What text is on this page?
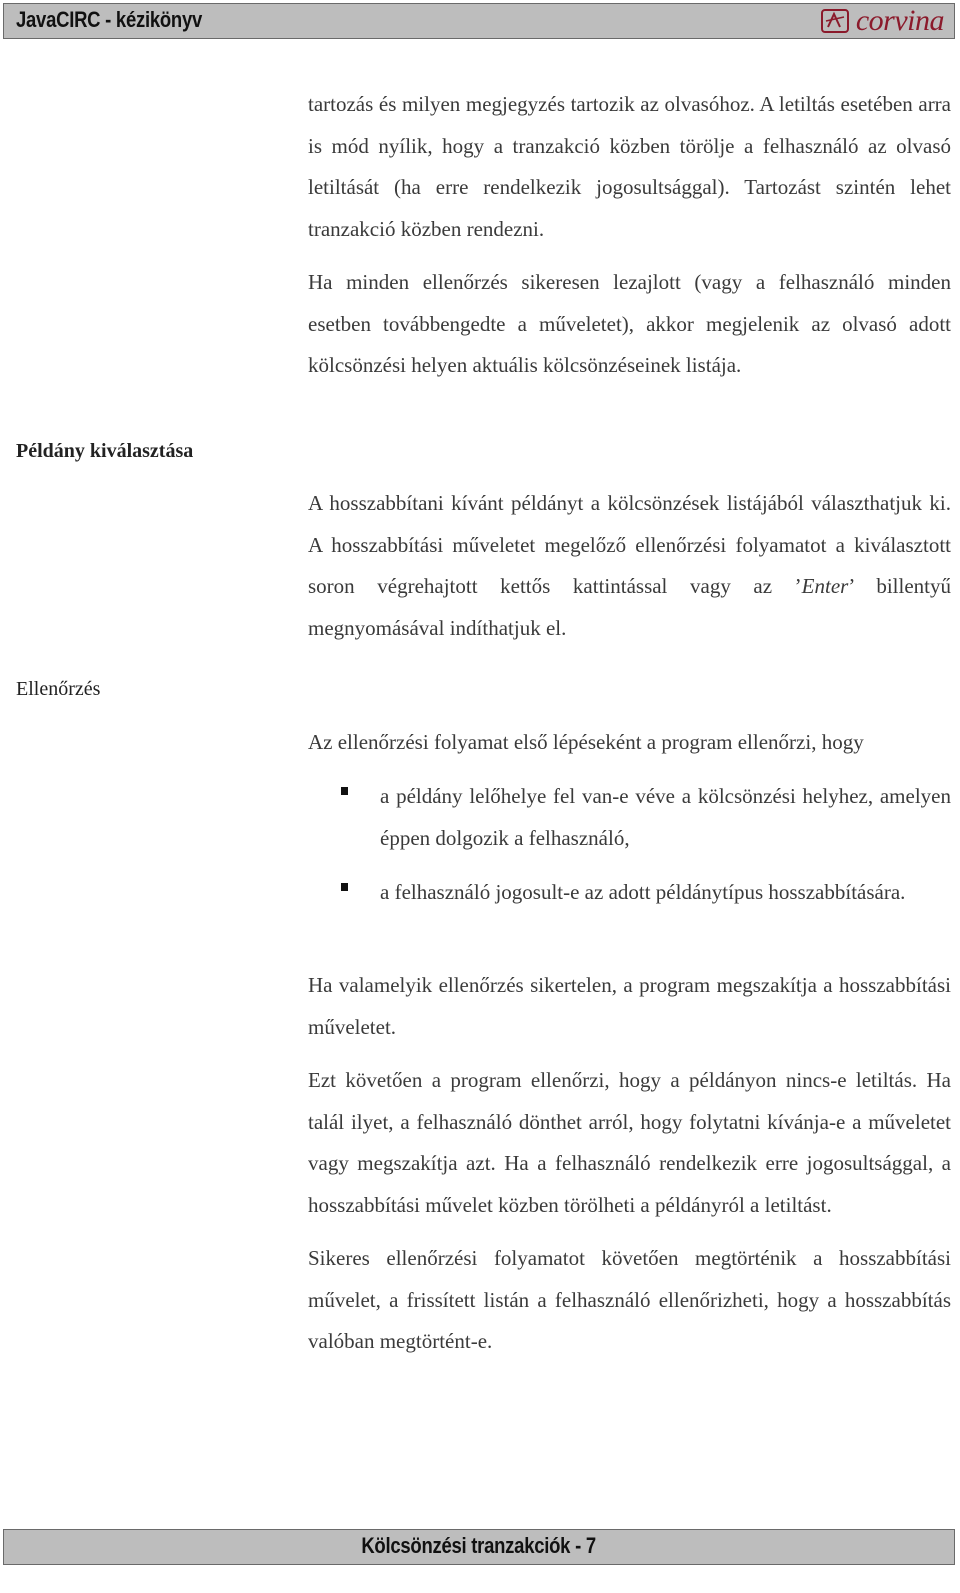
JavaCIRC - kézikönyv	corvina

tartozás és milyen megjegyzés tartozik az olvasóhoz. A letiltás esetében arra is mód nyílik, hogy a tranzakció közben törölje a felhasználó az olvasó letiltását (ha erre rendelkezik jogosultsággal). Tartozást szintén lehet tranzakció közben rendezni.

Ha minden ellenőrzés sikeresen lezajlott (vagy a felhasználó minden esetben továbbengedte a műveletet), akkor megjelenik az olvasó adott kölcsönzési helyen aktuális kölcsönzéseinek listája.

Példány kiválasztása

A hosszabbítani kívánt példányt a kölcsönzések listájából választhatjuk ki. A hosszabbítási műveletet megelőző ellenőrzési folyamatot a kiválasztott soron végrehajtott kettős kattintással vagy az ’Enter’ billentyű megnyomásával indíthatjuk el.

Ellenőrzés

Az ellenőrzési folyamat első lépéseként a program ellenőrzi, hogy

a példány lelőhelye fel van-e véve a kölcsönzési helyhez, amelyen éppen dolgozik a felhasználó,
a felhasználó jogosult-e az adott példánytípus hosszabbítására.

Ha valamelyik ellenőrzés sikertelen, a program megszakítja a hosszabbítási műveletet.

Ezt követően a program ellenőrzi, hogy a példányon nincs-e letiltás. Ha talál ilyet, a felhasználó dönthet arról, hogy folytatni kívánja-e a műveletet vagy megszakítja azt. Ha a felhasználó rendelkezik erre jogosultsággal, a hosszabbítási művelet közben törölheti a példányról a letiltást.

Sikeres ellenőrzési folyamatot követően megtörténik a hosszabbítási művelet, a frissített listán a felhasználó ellenőrizheti, hogy a hosszabbítás valóban megtörtént-e.

Kölcsönzési tranzakciók - 7
